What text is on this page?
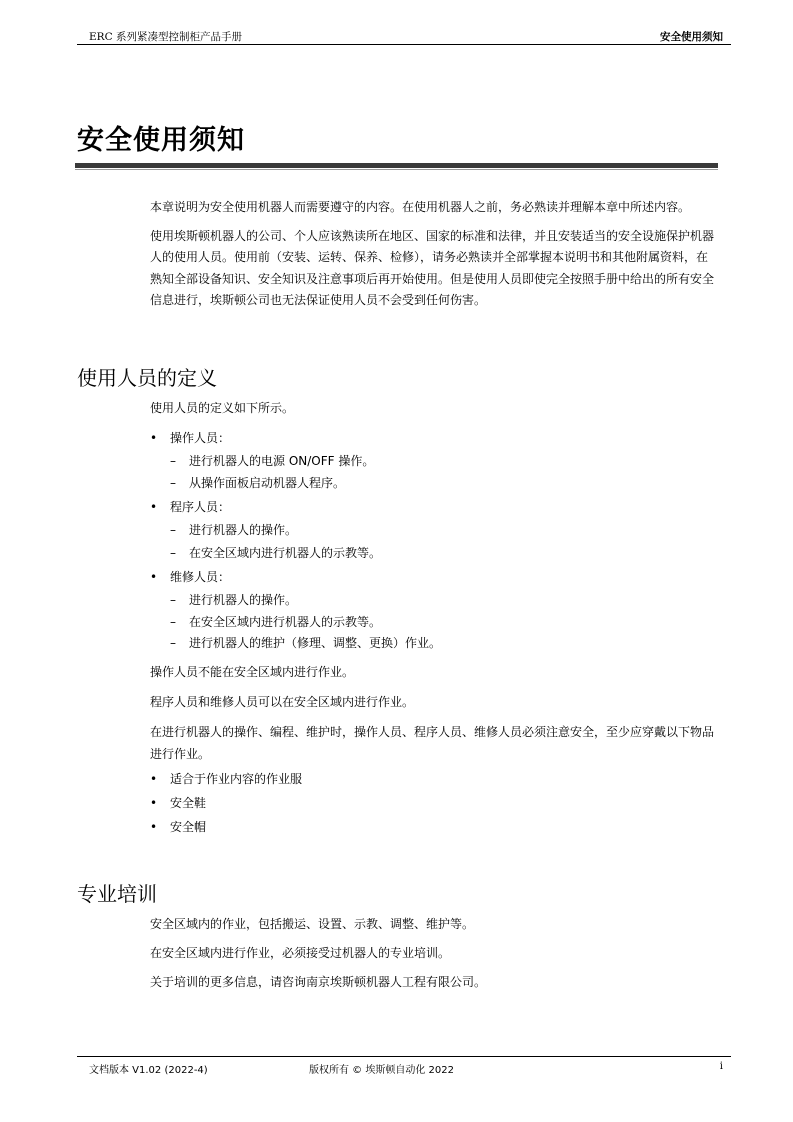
ERC 系列紧凑型控制柜产品手册	安全使用须知
安全使用须知

本章说明为安全使用机器人而需要遵守的内容。在使用机器人之前，务必熟读并理解本章中所述内容。

使用埃斯顿机器人的公司、个人应该熟读所在地区、国家的标准和法律，并且安装适当的安全设施保护机器人的使用人员。使用前（安装、运转、保养、检修），请务必熟读并全部掌握本说明书和其他附属资料，在熟知全部设备知识、安全知识及注意事项后再开始使用。但是使用人员即使完全按照手册中给出的所有安全信息进行，埃斯顿公司也无法保证使用人员不会受到任何伤害。

使用人员的定义
使用人员的定义如下所示。
• 操作人员：
– 进行机器人的电源 ON/OFF 操作。
– 从操作面板启动机器人程序。
• 程序人员：
– 进行机器人的操作。
– 在安全区域内进行机器人的示教等。
• 维修人员：
– 进行机器人的操作。
– 在安全区域内进行机器人的示教等。
– 进行机器人的维护（修理、调整、更换）作业。
操作人员不能在安全区域内进行作业。
程序人员和维修人员可以在安全区域内进行作业。

在进行机器人的操作、编程、维护时，操作人员、程序人员、维修人员必须注意安全，至少应穿戴以下物品进行作业。

• 适合于作业内容的作业服
• 安全鞋
• 安全帽
专业培训
安全区域内的作业，包括搬运、设置、示教、调整、维护等。
在安全区域内进行作业，必须接受过机器人的专业培训。
关于培训的更多信息，请咨询南京埃斯顿机器人工程有限公司。
文档版本 V1.02 (2022-4)	版权所有 © 埃斯顿自动化 2022	i
